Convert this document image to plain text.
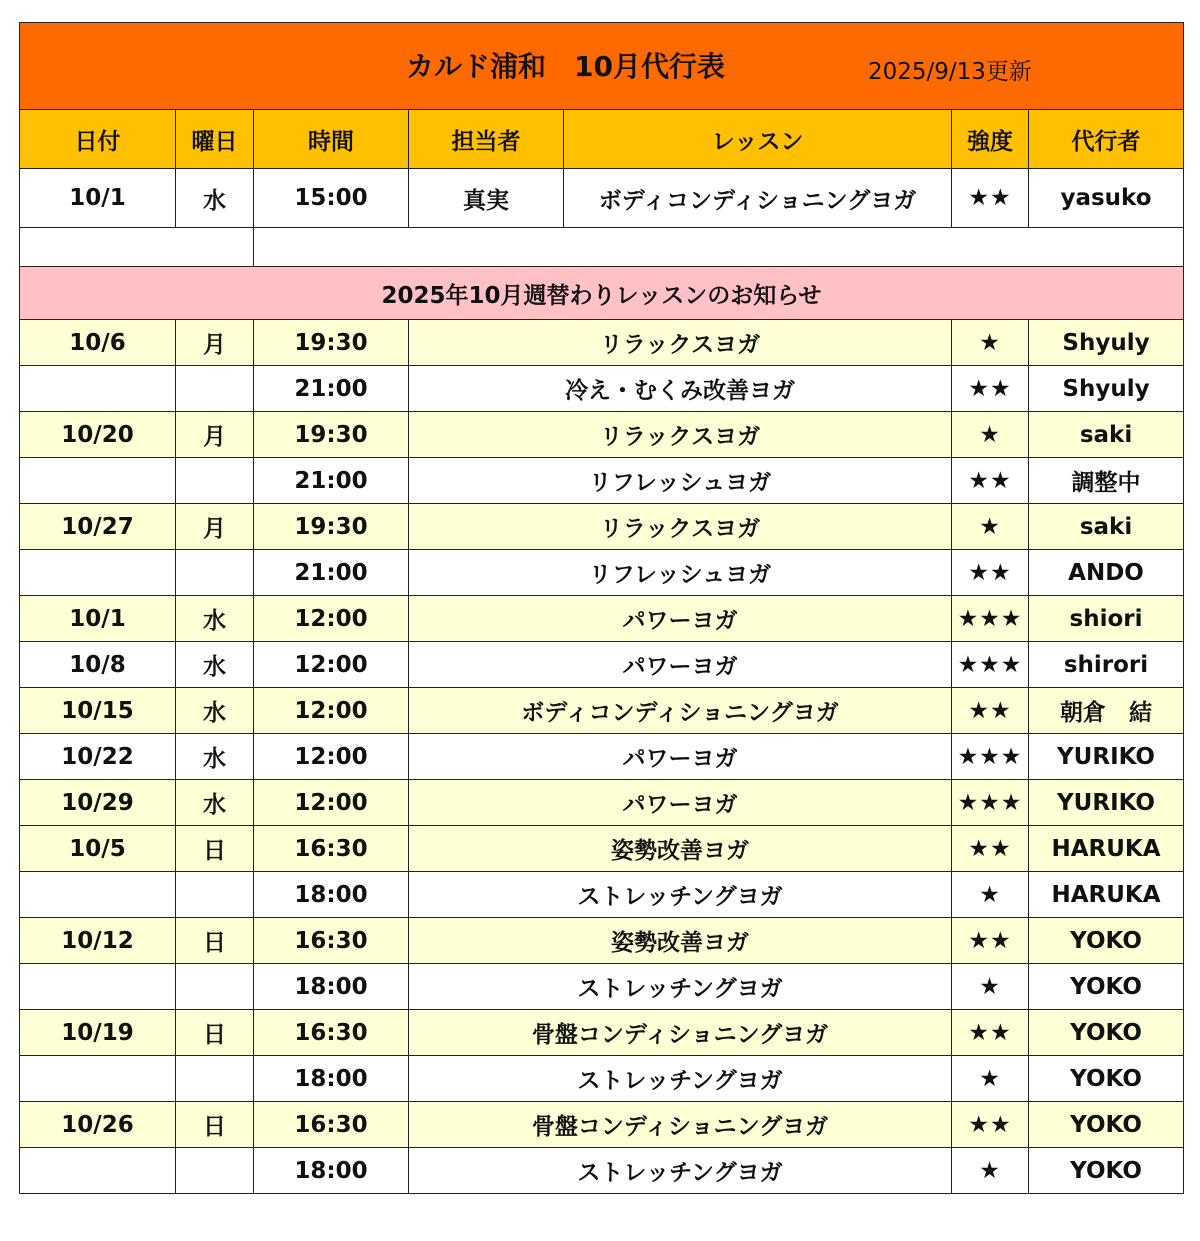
カルド浦和　10月代行表 2025/9/13更新						

日付	曜日	時間	担当者	レッスン	強度	代行者
10/1	水	15:00	真実	ボディコンディショニングヨガ	★★	yasuko

2025年10月週替わりレッスンのお知らせ						
10/6	月	19:30	リラックスヨガ		★	Shyuly
		21:00	冷え・むくみ改善ヨガ		★★	Shyuly
10/20	月	19:30	リラックスヨガ		★	saki
		21:00	リフレッシュヨガ		★★	調整中
10/27	月	19:30	リラックスヨガ		★	saki
		21:00	リフレッシュヨガ		★★	ANDO
10/1	水	12:00	パワーヨガ		★★★	shiori
10/8	水	12:00	パワーヨガ		★★★	shirori
10/15	水	12:00	ボディコンディショニングヨガ		★★	朝倉　結
10/22	水	12:00	パワーヨガ		★★★	YURIKO
10/29	水	12:00	パワーヨガ		★★★	YURIKO
10/5	日	16:30	姿勢改善ヨガ		★★	HARUKA
		18:00	ストレッチングヨガ		★	HARUKA
10/12	日	16:30	姿勢改善ヨガ		★★	YOKO
		18:00	ストレッチングヨガ		★	YOKO
10/19	日	16:30	骨盤コンディショニングヨガ		★★	YOKO
		18:00	ストレッチングヨガ		★	YOKO
10/26	日	16:30	骨盤コンディショニングヨガ		★★	YOKO
		18:00	ストレッチングヨガ		★	YOKO
